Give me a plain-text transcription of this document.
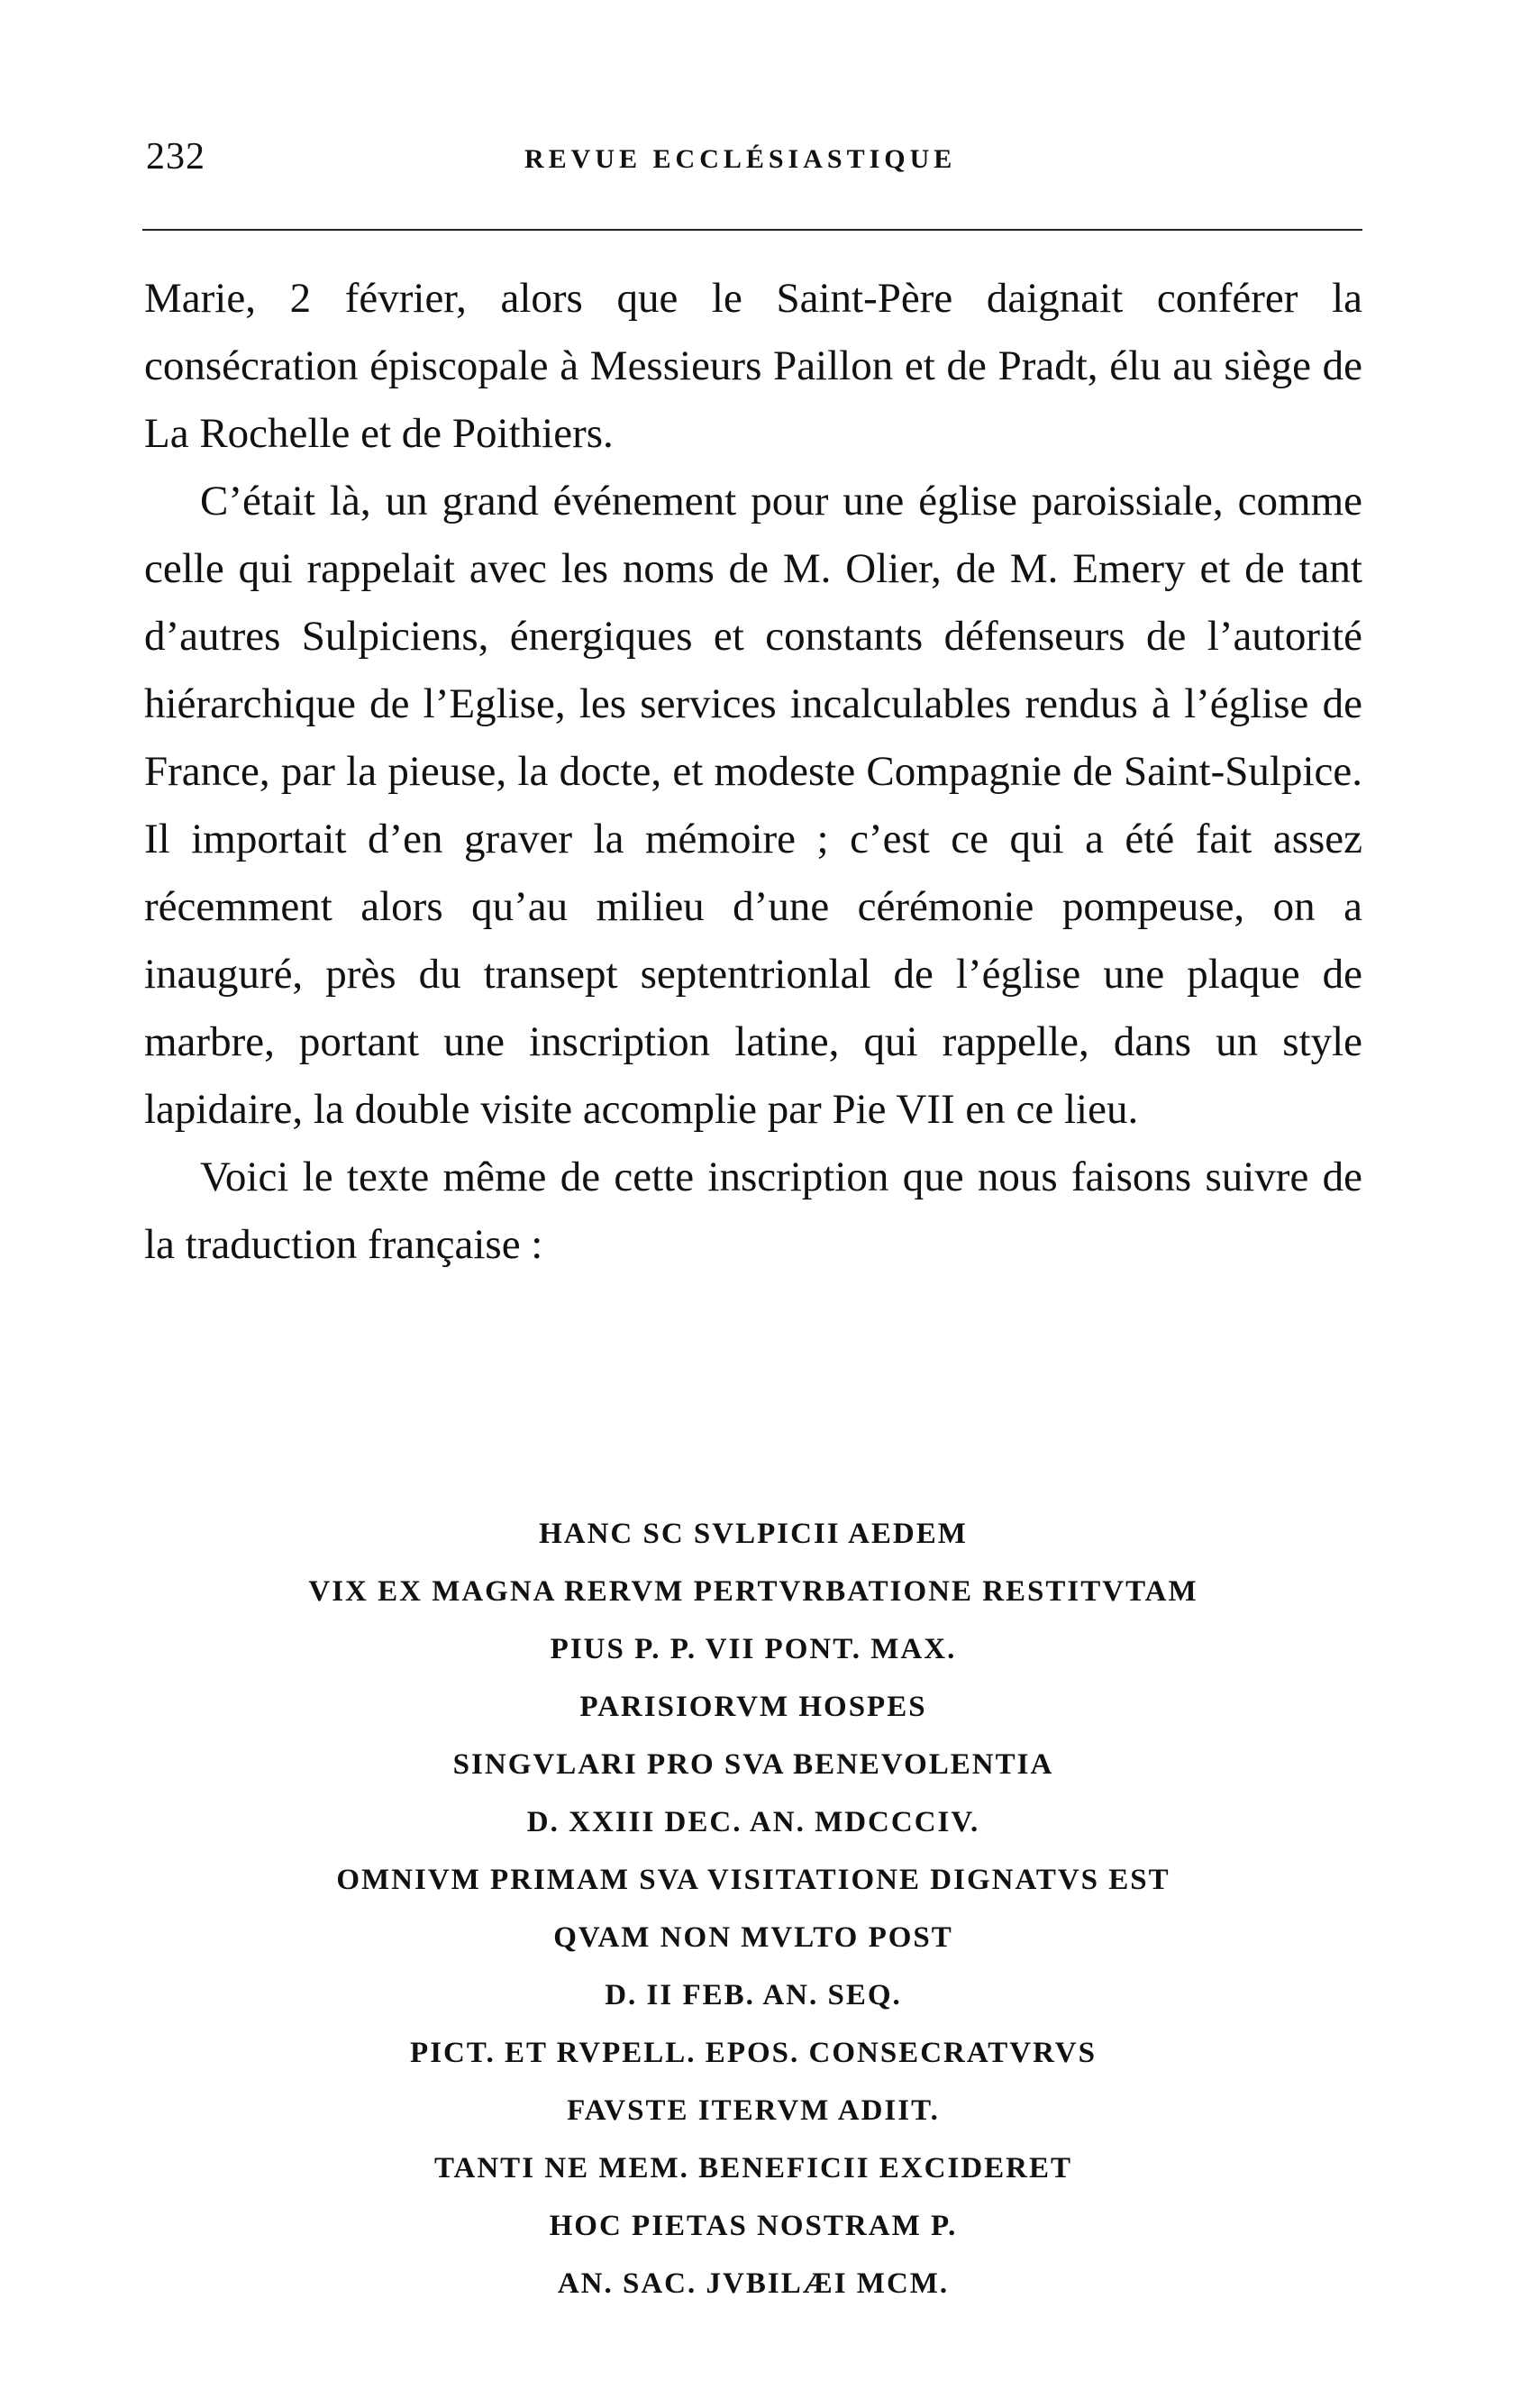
232	REVUE ECCLÉSIASTIQUE

Marie, 2 février, alors que le Saint-Père daignait conférer la consécration épiscopale à Messieurs Paillon et de Pradt, élu au siège de La Rochelle et de Poithiers.

C’était là, un grand événement pour une église paroissiale, comme celle qui rappelait avec les noms de M. Olier, de M. Emery et de tant d’autres Sulpiciens, énergiques et constants défenseurs de l’autorité hiérarchique de l’Eglise, les services incalculables rendus à l’église de France, par la pieuse, la docte, et modeste Compagnie de Saint-Sulpice. Il importait d’en graver la mémoire ; c’est ce qui a été fait assez récemment alors qu’au milieu d’une cérémonie pompeuse, on a inauguré, près du transept septentrionlal de l’église une plaque de marbre, portant une inscription latine, qui rappelle, dans un style lapidaire, la double visite accomplie par Pie VII en ce lieu.

Voici le texte même de cette inscription que nous faisons suivre de la traduction française :

HANC SC SVLPICII AEDEM
VIX EX MAGNA RERVM PERTVRBATIONE RESTITVTAM
PIUS P. P. VII PONT. MAX.
PARISIORVM HOSPES
SINGVLARI PRO SVA BENEVOLENTIA
D. XXIII DEC. AN. MDCCCIV.
OMNIVM PRIMAM SVA VISITATIONE DIGNATVS EST
QVAM NON MVLTO POST
D. II FEB. AN. SEQ.
PICT. ET RVPELL. EPOS. CONSECRATVRVS
FAVSTE ITERVM ADIIT.
TANTI NE MEM. BENEFICII EXCIDERET
HOC PIETAS NOSTRAM P.
AN. SAC. JVBILÆI MCM.
